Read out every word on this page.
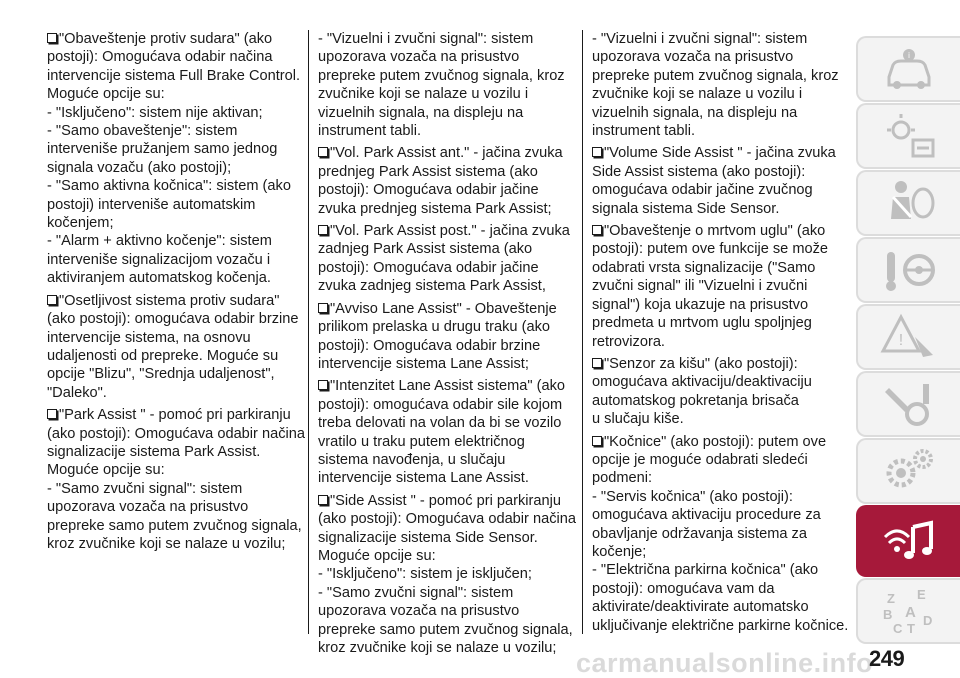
"Obaveštenje protiv sudara" (ako
postoji): Omogućava odabir načina
intervencije sistema Full Brake Control.
Moguće opcije su:
- "Isključeno": sistem nije aktivan;
- "Samo obaveštenje": sistem
interveniše pružanjem samo jednog
signala vozaču (ako postoji);
- "Samo aktivna kočnica": sistem (ako
postoji) interveniše automatskim
kočenjem;
- "Alarm + aktivno kočenje": sistem
interveniše signalizacijom vozaču i
aktiviranjem automatskog kočenja.
"Osetljivost sistema protiv sudara"
(ako postoji): omogućava odabir brzine
intervencije sistema, na osnovu
udaljenosti od prepreke. Moguće su
opcije "Blizu", "Srednja udaljenost",
"Daleko".
"Park Assist " - pomoć pri parkiranju
(ako postoji): Omogućava odabir načina
signalizacije sistema Park Assist.
Moguće opcije su:
- "Samo zvučni signal": sistem
upozorava vozača na prisustvo
prepreke samo putem zvučnog signala,
kroz zvučnike koji se nalaze u vozilu;
- "Vizuelni i zvučni signal": sistem
upozorava vozača na prisustvo
prepreke putem zvučnog signala, kroz
zvučnike koji se nalaze u vozilu i
vizuelnih signala, na displeju na
instrument tabli.
"Vol. Park Assist ant." - jačina zvuka
prednjeg Park Assist sistema (ako
postoji): Omogućava odabir jačine
zvuka prednjeg sistema Park Assist;
"Vol. Park Assist post." - jačina zvuka
zadnjeg Park Assist sistema (ako
postoji): Omogućava odabir jačine
zvuka zadnjeg sistema Park Assist,
"Avviso Lane Assist" - Obaveštenje
prilikom prelaska u drugu traku (ako
postoji): Omogućava odabir brzine
intervencije sistema Lane Assist;
"Intenzitet Lane Assist sistema" (ako
postoji): omogućava odabir sile kojom
treba delovati na volan da bi se vozilo
vratilo u traku putem električnog
sistema navođenja, u slučaju
intervencije sistema Lane Assist.
"Side Assist " - pomoć pri parkiranju
(ako postoji): Omogućava odabir načina
signalizacije sistema Side Sensor.
Moguće opcije su:
- "Isključeno": sistem je isključen;
- "Samo zvučni signal": sistem
upozorava vozača na prisustvo
prepreke samo putem zvučnog signala,
kroz zvučnike koji se nalaze u vozilu;
- "Vizuelni i zvučni signal": sistem
upozorava vozača na prisustvo
prepreke putem zvučnog signala, kroz
zvučnike koji se nalaze u vozilu i
vizuelnih signala, na displeju na
instrument tabli.
"Volume Side Assist " - jačina zvuka
Side Assist sistema (ako postoji):
omogućava odabir jačine zvučnog
signala sistema Side Sensor.
"Obaveštenje o mrtvom uglu" (ako
postoji): putem ove funkcije se može
odabrati vrsta signalizacije ("Samo
zvučni signal" ili "Vizuelni i zvučni
signal") koja ukazuje na prisustvo
predmeta u mrtvom uglu spoljnjeg
retrovizora.
"Senzor za kišu" (ako postoji):
omogućava aktivaciju/deaktivaciju
automatskog pokretanja brisača
u slučaju kiše.
"Kočnice" (ako postoji): putem ove
opcije je moguće odabrati sledeći
podmeni:
- "Servis kočnica" (ako postoji):
omogućava aktivaciju procedure za
obavljanje održavanja sistema za
kočenje;
- "Električna parkirna kočnica" (ako
postoji): omogućava vam da
aktivirate/deaktivirate automatsko
uključivanje električne parkirne kočnice.
i
!
Z E
B A
C T
D
carmanualsonline.info
249
